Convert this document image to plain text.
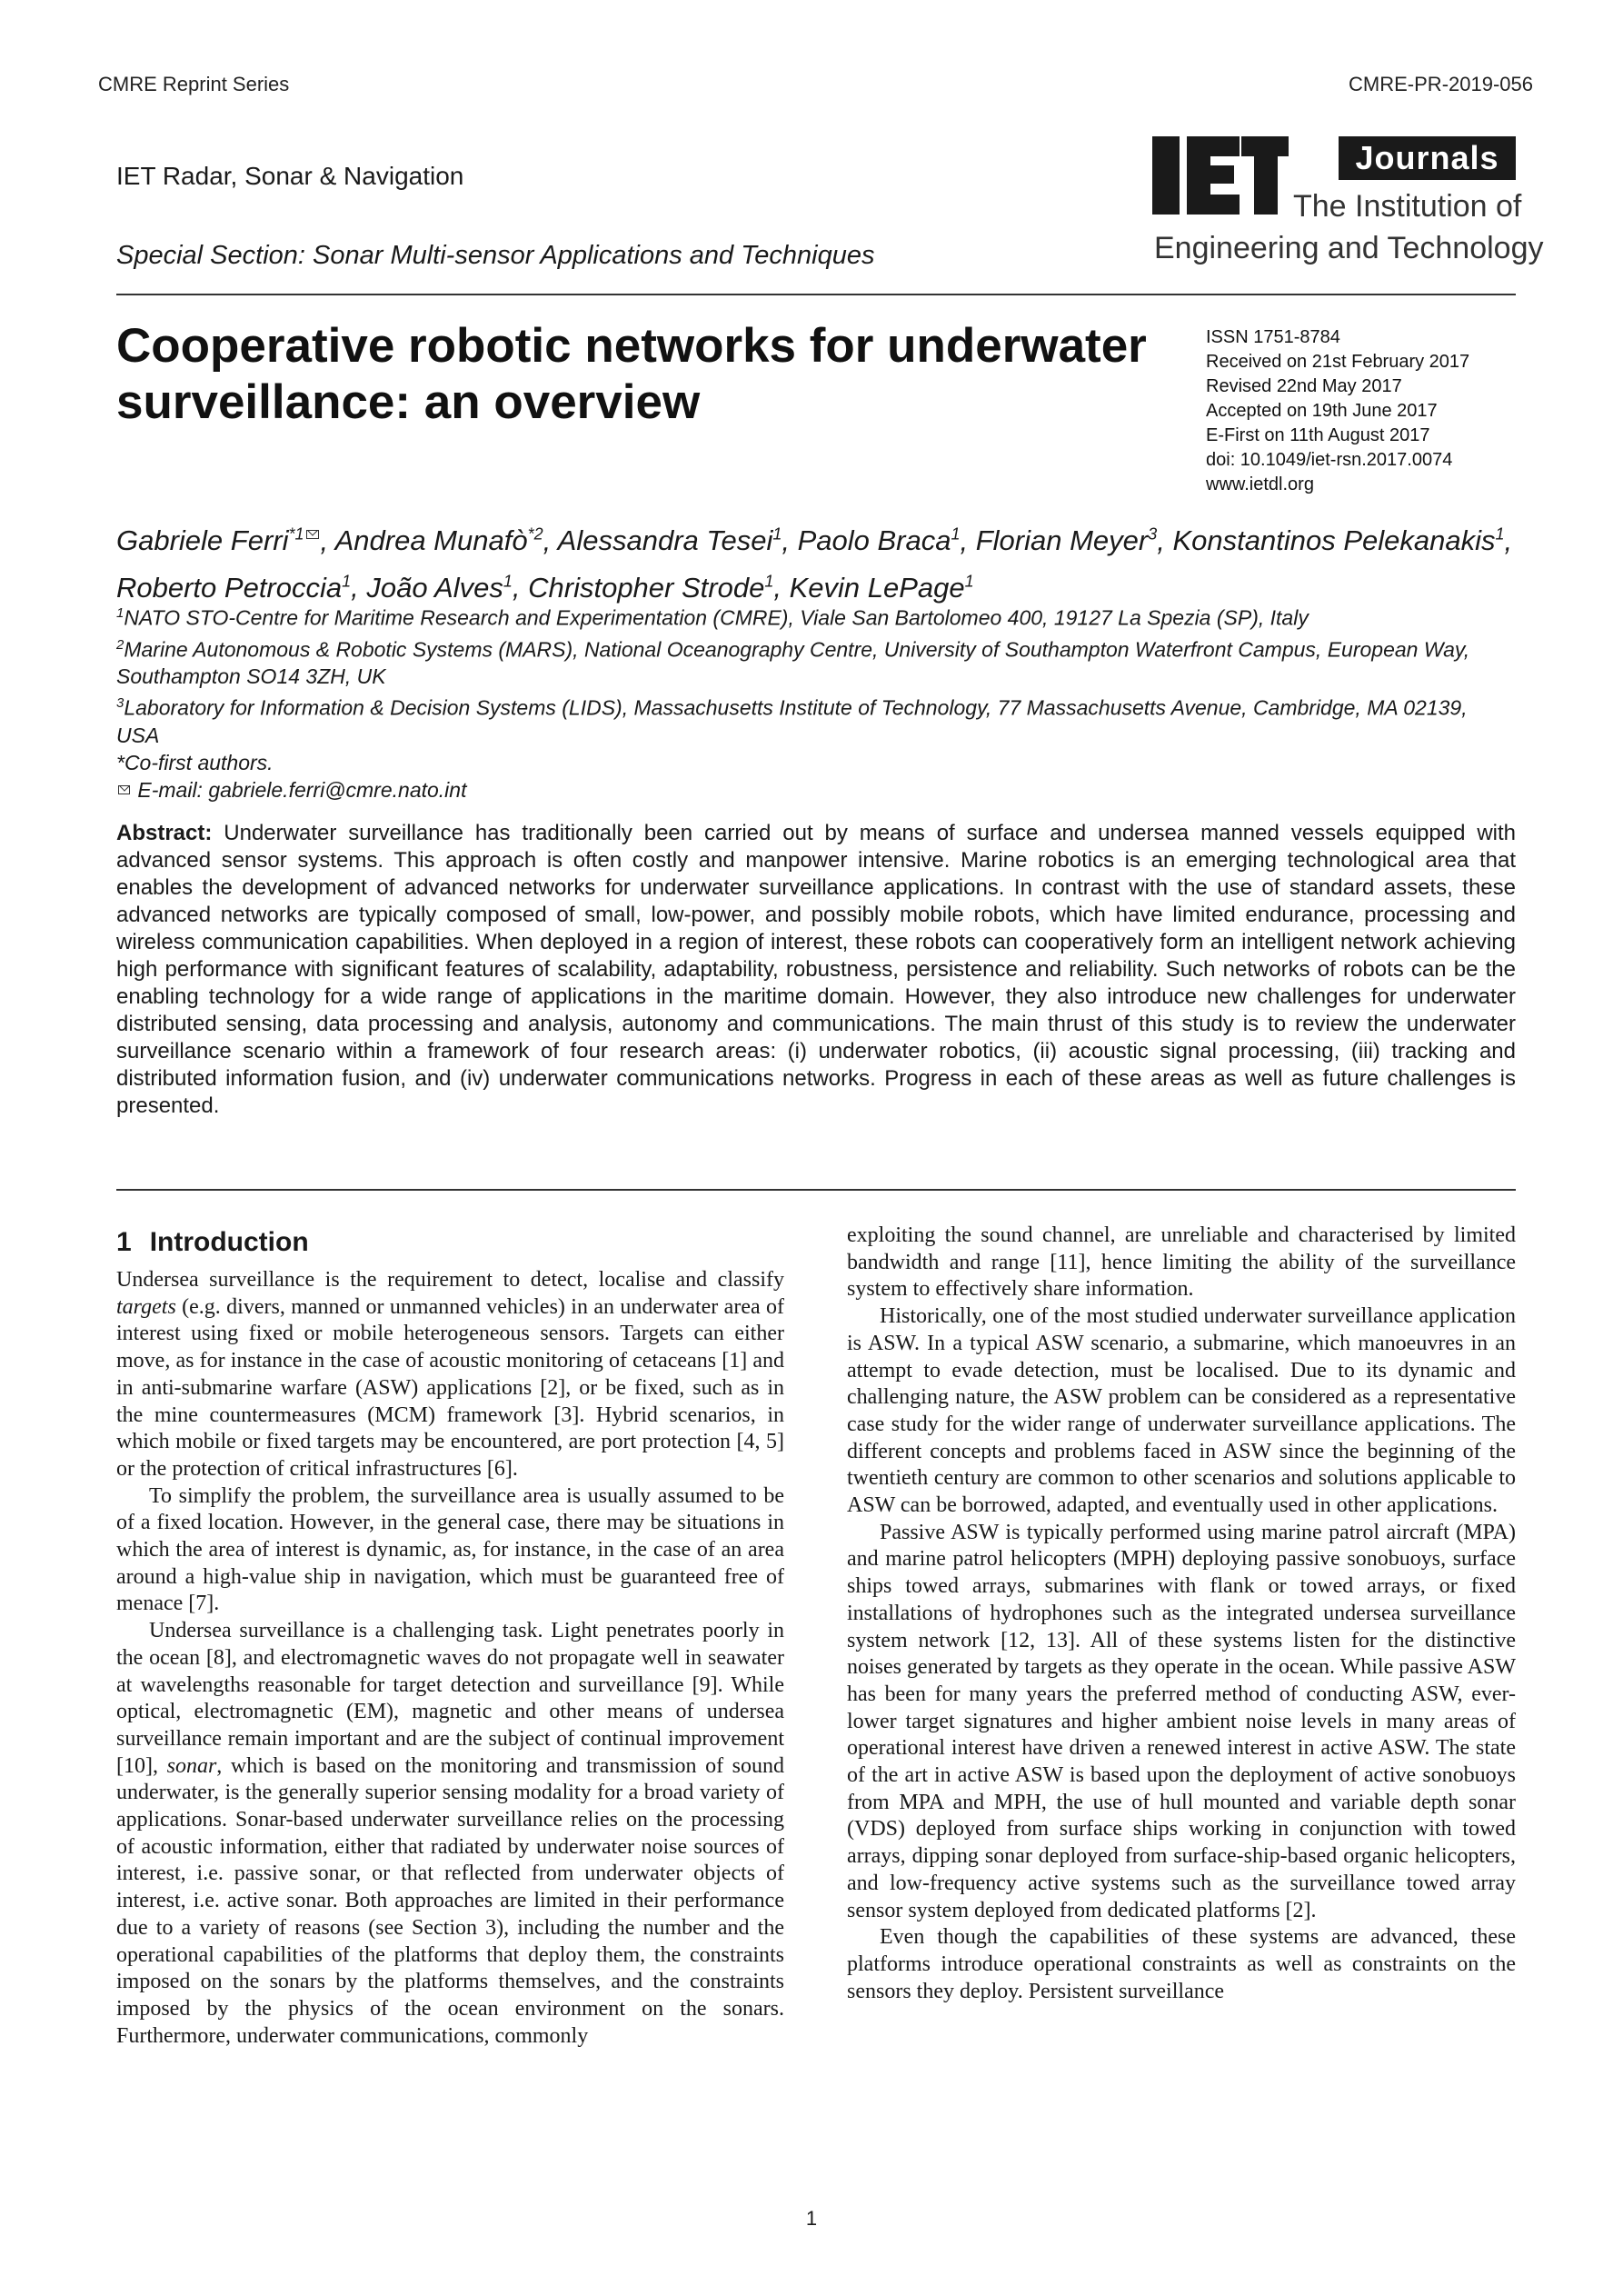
CMRE Reprint Series	CMRE-PR-2019-056
IET Radar, Sonar & Navigation
Special Section: Sonar Multi-sensor Applications and Techniques
Journals
The Institution of
Engineering and Technology
Cooperative robotic networks for underwater surveillance: an overview
ISSN 1751-8784
Received on 21st February 2017
Revised 22nd May 2017
Accepted on 19th June 2017
E-First on 11th August 2017
doi: 10.1049/iet-rsn.2017.0074
www.ietdl.org
Gabriele Ferri$^{*1}$ , Andrea Munafò$^{*2}$, Alessandra Tesei$^1$, Paolo Braca$^1$, Florian Meyer$^3$, Konstantinos Pelekanakis$^1$, Roberto Petroccia$^1$, João Alves$^1$, Christopher Strode$^1$, Kevin LePage$^1$
$^1$NATO STO-Centre for Maritime Research and Experimentation (CMRE), Viale San Bartolomeo 400, 19127 La Spezia (SP), Italy
$^2$Marine Autonomous & Robotic Systems (MARS), National Oceanography Centre, University of Southampton Waterfront Campus, European Way, Southampton SO14 3ZH, UK
$^3$Laboratory for Information & Decision Systems (LIDS), Massachusetts Institute of Technology, 77 Massachusetts Avenue, Cambridge, MA 02139, USA
*Co-first authors.
E-mail: gabriele.ferri@cmre.nato.int
Abstract: Underwater surveillance has traditionally been carried out by means of surface and undersea manned vessels equipped with advanced sensor systems. This approach is often costly and manpower intensive. Marine robotics is an emerging technological area that enables the development of advanced networks for underwater surveillance applications. In contrast with the use of standard assets, these advanced networks are typically composed of small, low-power, and possibly mobile robots, which have limited endurance, processing and wireless communication capabilities. When deployed in a region of interest, these robots can cooperatively form an intelligent network achieving high performance with significant features of scalability, adaptability, robustness, persistence and reliability. Such networks of robots can be the enabling technology for a wide range of applications in the maritime domain. However, they also introduce new challenges for underwater distributed sensing, data processing and analysis, autonomy and communications. The main thrust of this study is to review the underwater surveillance scenario within a framework of four research areas: (i) underwater robotics, (ii) acoustic signal processing, (iii) tracking and distributed information fusion, and (iv) underwater communications networks. Progress in each of these areas as well as future challenges is presented.
1 Introduction

Undersea surveillance is the requirement to detect, localise and classify targets (e.g. divers, manned or unmanned vehicles) in an underwater area of interest using fixed or mobile heterogeneous sensors. Targets can either move, as for instance in the case of acoustic monitoring of cetaceans [1] and in anti-submarine warfare (ASW) applications [2], or be fixed, such as in the mine countermeasures (MCM) framework [3]. Hybrid scenarios, in which mobile or fixed targets may be encountered, are port protection [4, 5] or the protection of critical infrastructures [6].

To simplify the problem, the surveillance area is usually assumed to be of a fixed location. However, in the general case, there may be situations in which the area of interest is dynamic, as, for instance, in the case of an area around a high-value ship in navigation, which must be guaranteed free of menace [7].

Undersea surveillance is a challenging task. Light penetrates poorly in the ocean [8], and electromagnetic waves do not propagate well in seawater at wavelengths reasonable for target detection and surveillance [9]. While optical, electromagnetic (EM), magnetic and other means of undersea surveillance remain important and are the subject of continual improvement [10], sonar, which is based on the monitoring and transmission of sound underwater, is the generally superior sensing modality for a broad variety of applications. Sonar-based underwater surveillance relies on the processing of acoustic information, either that radiated by underwater noise sources of interest, i.e. passive sonar, or that reflected from underwater objects of interest, i.e. active sonar. Both approaches are limited in their performance due to a variety of reasons (see Section 3), including the number and the operational capabilities of the platforms that deploy them, the constraints imposed on the sonars by the platforms themselves, and the constraints imposed by the physics of the ocean environment on the sonars. Furthermore, underwater communications, commonly

exploiting the sound channel, are unreliable and characterised by limited bandwidth and range [11], hence limiting the ability of the surveillance system to effectively share information.

Historically, one of the most studied underwater surveillance application is ASW. In a typical ASW scenario, a submarine, which manoeuvres in an attempt to evade detection, must be localised. Due to its dynamic and challenging nature, the ASW problem can be considered as a representative case study for the wider range of underwater surveillance applications. The different concepts and problems faced in ASW since the beginning of the twentieth century are common to other scenarios and solutions applicable to ASW can be borrowed, adapted, and eventually used in other applications.

Passive ASW is typically performed using marine patrol aircraft (MPA) and marine patrol helicopters (MPH) deploying passive sonobuoys, surface ships towed arrays, submarines with flank or towed arrays, or fixed installations of hydrophones such as the integrated undersea surveillance system network [12, 13]. All of these systems listen for the distinctive noises generated by targets as they operate in the ocean. While passive ASW has been for many years the preferred method of conducting ASW, ever-lower target signatures and higher ambient noise levels in many areas of operational interest have driven a renewed interest in active ASW. The state of the art in active ASW is based upon the deployment of active sonobuoys from MPA and MPH, the use of hull mounted and variable depth sonar (VDS) deployed from surface ships working in conjunction with towed arrays, dipping sonar deployed from surface-ship-based organic helicopters, and low-frequency active systems such as the surveillance towed array sensor system deployed from dedicated platforms [2].

Even though the capabilities of these systems are advanced, these platforms introduce operational constraints as well as constraints on the sensors they deploy. Persistent surveillance

1
